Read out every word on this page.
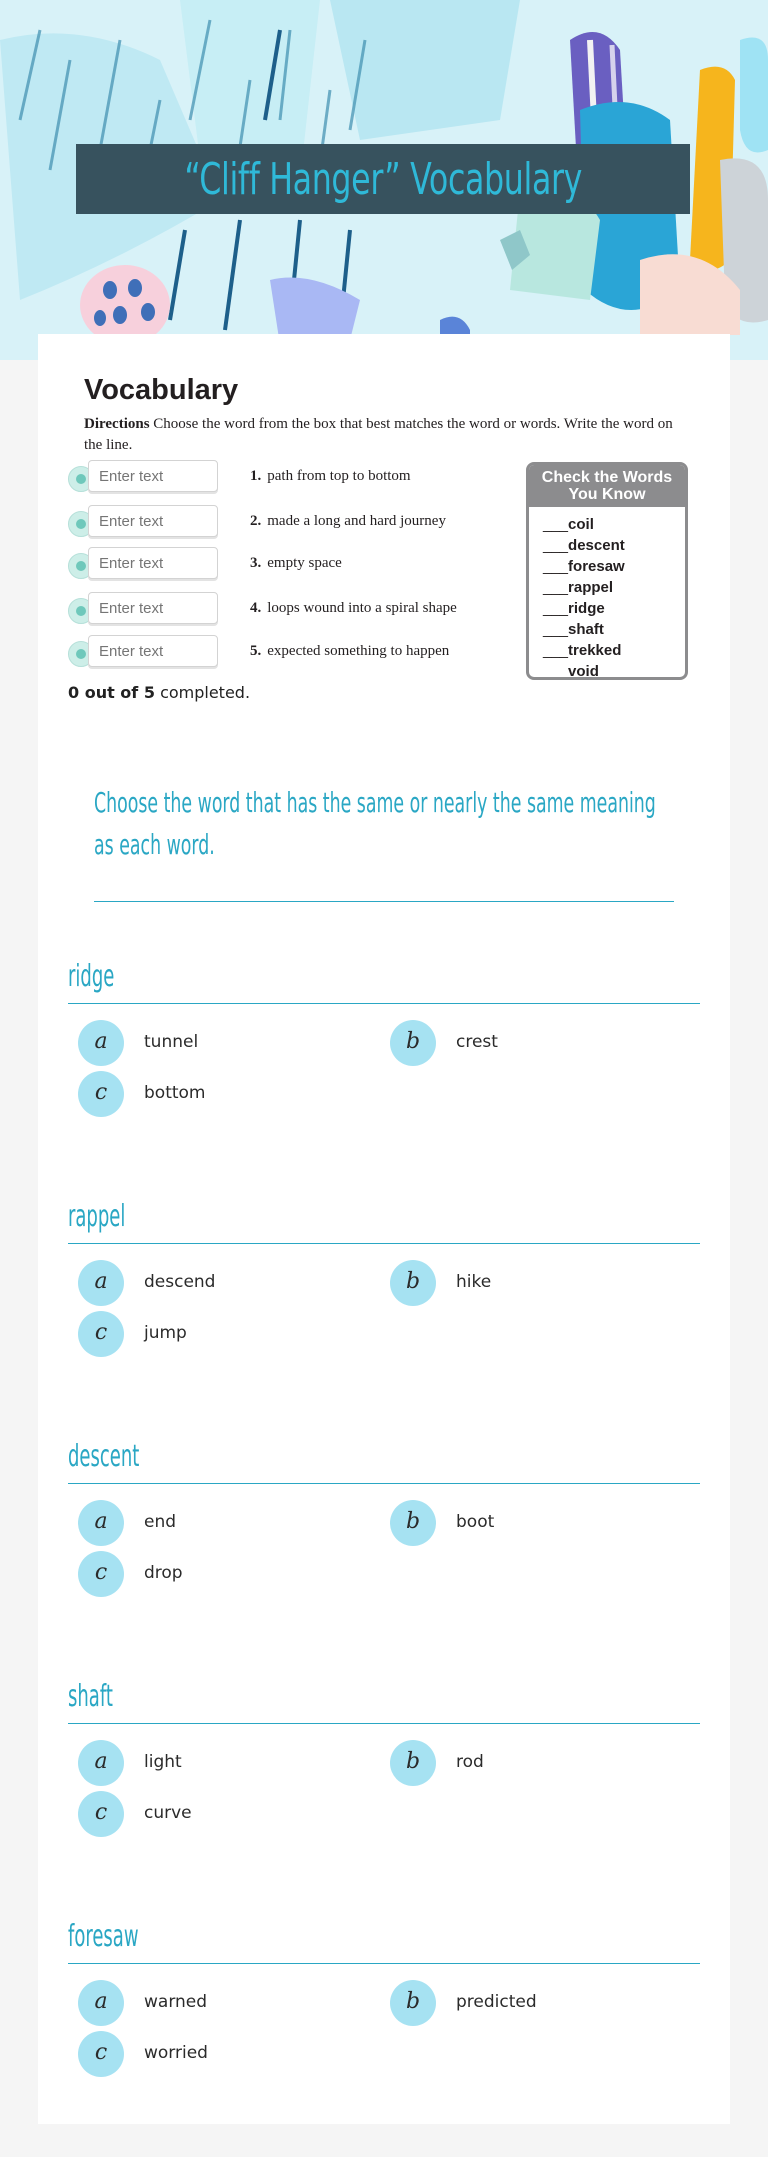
“Cliff Hanger” Vocabulary
Vocabulary
Directions Choose the word from the box that best matches the word or words. Write the word on the line.
Enter text
1. path from top to bottom
Enter text
2. made a long and hard journey
Enter text
3. empty space
Enter text
4. loops wound into a spiral shape
Enter text
5. expected something to happen
Check the Words You Know
___ coil
___ descent
___ foresaw
___ rappel
___ ridge
___ shaft
___ trekked
___ void
0 out of 5 completed.
Choose the word that has the same or nearly the same meaning as each word.
ridge
a	tunnel	b	crest
c	bottom
rappel
a	descend	b	hike
c	jump
descent
a	end	b	boot
c	drop
shaft
a	light	b	rod
c	curve
foresaw
a	warned	b	predicted
c	worried
